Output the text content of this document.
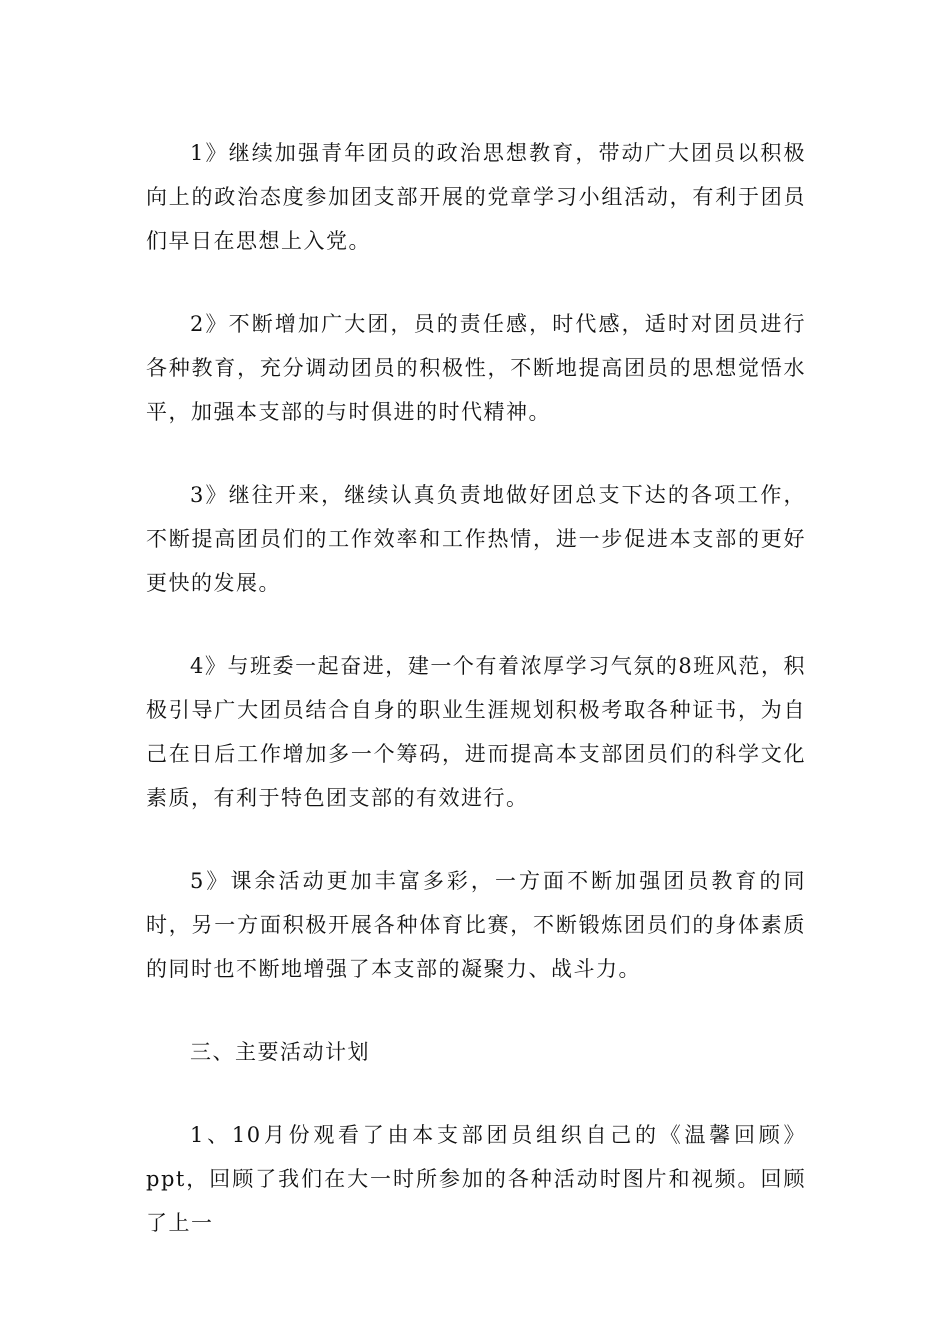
1》继续加强青年团员的政治思想教育，带动广大团员以积极向上的政治态度参加团支部开展的党章学习小组活动，有利于团员们早日在思想上入党。

2》不断增加广大团，员的责任感，时代感，适时对团员进行各种教育，充分调动团员的积极性，不断地提高团员的思想觉悟水平，加强本支部的与时俱进的时代精神。

3》继往开来，继续认真负责地做好团总支下达的各项工作，不断提高团员们的工作效率和工作热情，进一步促进本支部的更好更快的发展。

4》与班委一起奋进，建一个有着浓厚学习气氛的8班风范，积极引导广大团员结合自身的职业生涯规划积极考取各种证书，为自己在日后工作增加多一个筹码，进而提高本支部团员们的科学文化素质，有利于特色团支部的有效进行。

5》课余活动更加丰富多彩，一方面不断加强团员教育的同时，另一方面积极开展各种体育比赛，不断锻炼团员们的身体素质的同时也不断地增强了本支部的凝聚力、战斗力。

三、主要活动计划

1、10月份观看了由本支部团员组织自己的《温馨回顾》ppt，回顾了我们在大一时所参加的各种活动时图片和视频。回顾了上一
